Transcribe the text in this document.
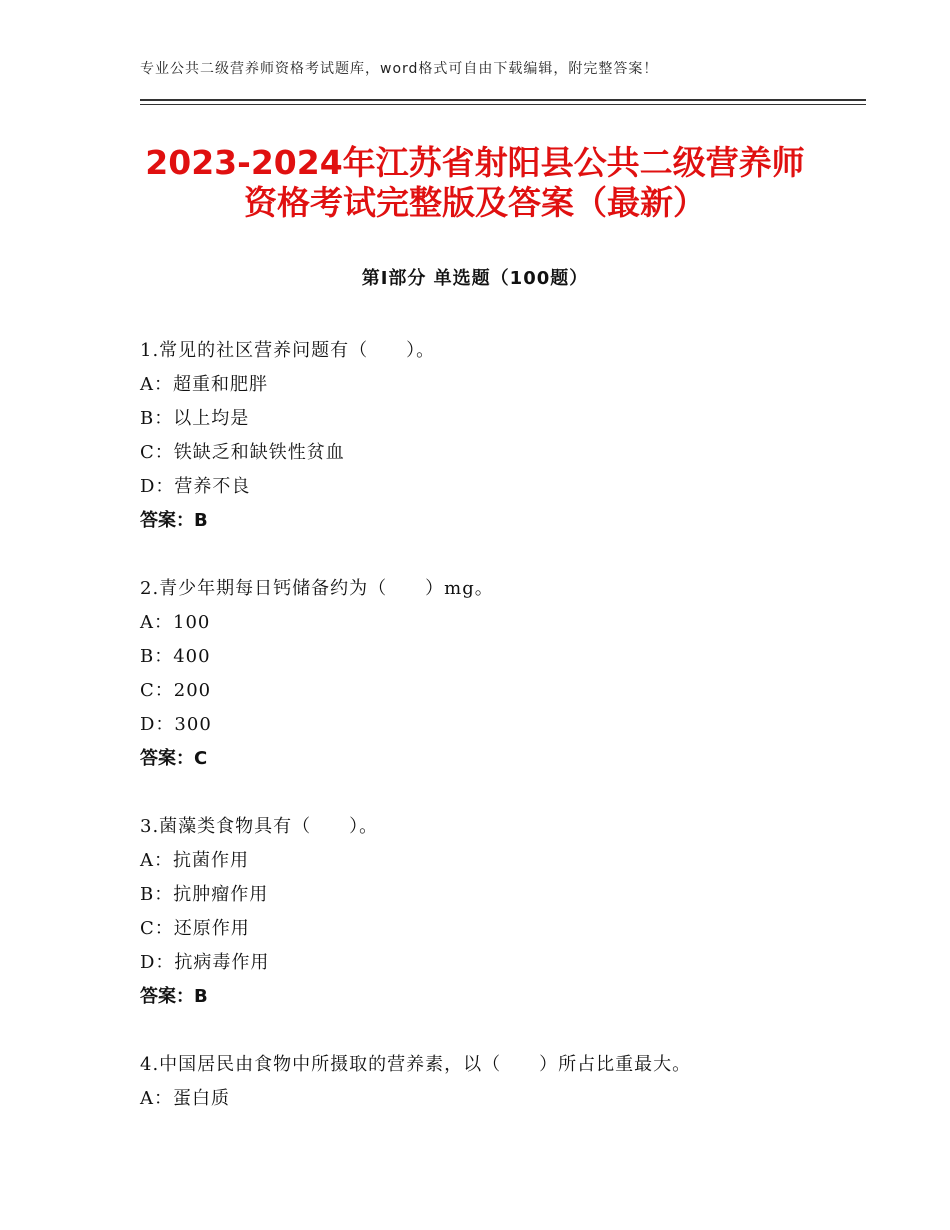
专业公共二级营养师资格考试题库，word格式可自由下载编辑，附完整答案！
2023-2024年江苏省射阳县公共二级营养师
资格考试完整版及答案（最新）
第Ⅰ部分 单选题（100题）
1.常见的社区营养问题有（　　）。
A：超重和肥胖
B：以上均是
C：铁缺乏和缺铁性贫血
D：营养不良
答案：B
2.青少年期每日钙储备约为（　　）mg。
A：100
B：400
C：200
D：300
答案：C
3.菌藻类食物具有（　　）。
A：抗菌作用
B：抗肿瘤作用
C：还原作用
D：抗病毒作用
答案：B
4.中国居民由食物中所摄取的营养素，以（　　）所占比重最大。
A：蛋白质
